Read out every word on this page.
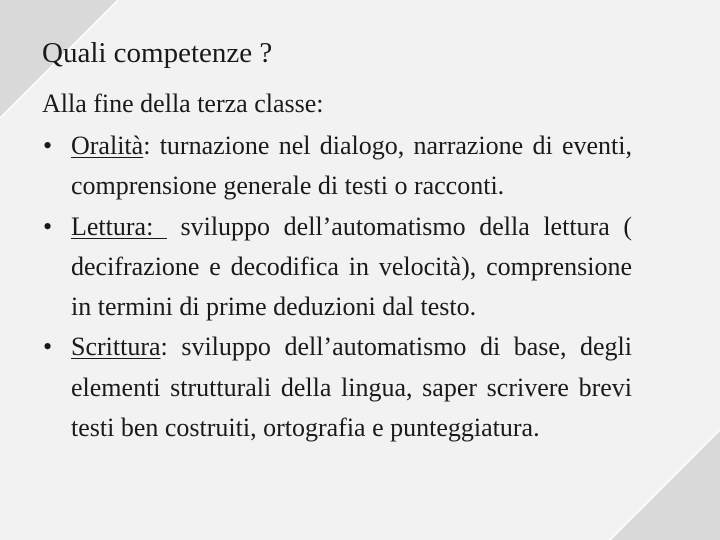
Quali competenze ?
Alla fine della terza classe:
• Oralità: turnazione nel dialogo, narrazione di eventi, comprensione generale di testi o racconti.
• Lettura:  sviluppo dell’automatismo della lettura ( decifrazione e decodifica in velocità), comprensione in termini di prime deduzioni dal testo.
• Scrittura: sviluppo dell’automatismo di base, degli elementi strutturali della lingua, saper scrivere brevi testi ben costruiti, ortografia e punteggiatura.
